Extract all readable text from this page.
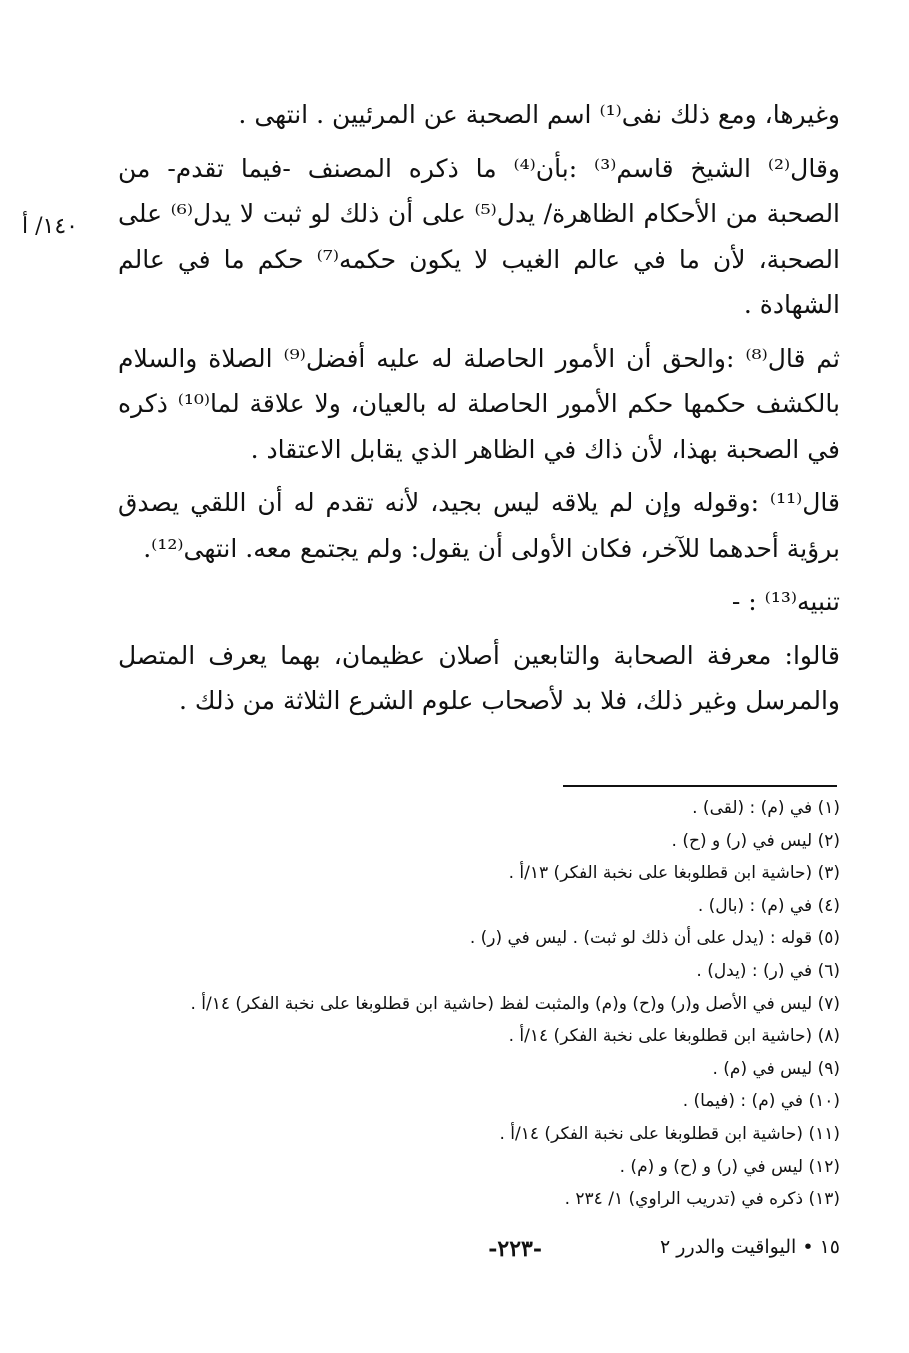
١٤٠/ أ

وغيرها، ومع ذلك نفى⁽¹⁾ اسم الصحبة عن المرئيين . انتهى .

وقال⁽²⁾ الشيخ قاسم⁽³⁾ :بأن⁽⁴⁾ ما ذكره المصنف -فيما تقدم- من الصحبة من الأحكام الظاهرة/ يدل⁽⁵⁾ على أن ذلك لو ثبت لا يدل⁽⁶⁾ على الصحبة، لأن ما في عالم الغيب لا يكون حكمه⁽⁷⁾ حكم ما في عالم الشهادة .

ثم قال⁽⁸⁾ :والحق أن الأمور الحاصلة له عليه أفضل⁽⁹⁾ الصلاة والسلام بالكشف حكمها حكم الأمور الحاصلة له بالعيان، ولا علاقة لما⁽¹⁰⁾ ذكره في الصحبة بهذا، لأن ذاك في الظاهر الذي يقابل الاعتقاد .

قال⁽¹¹⁾ :وقوله وإن لم يلاقه ليس بجيد، لأنه تقدم له أن اللقي يصدق برؤية أحدهما للآخر، فكان الأولى أن يقول: ولم يجتمع معه. انتهى⁽¹²⁾.

تنبيه⁽¹³⁾ : -

قالوا: معرفة الصحابة والتابعين أصلان عظيمان، بهما يعرف المتصل والمرسل وغير ذلك، فلا بد لأصحاب علوم الشرع الثلاثة من ذلك .

(١) في (م) : (لقى) .
(٢) ليس في (ر) و (ح) .
(٣) (حاشية ابن قطلوبغا على نخبة الفكر) ١٣/أ .
(٤) في (م) : (بال) .
(٥) قوله : (يدل على أن ذلك لو ثبت) . ليس في (ر) .
(٦) في (ر) : (يدل) .
(٧) ليس في الأصل و(ر) و(ح) و(م) والمثبت لفظ (حاشية ابن قطلوبغا على نخبة الفكر) ١٤/أ .
(٨) (حاشية ابن قطلوبغا على نخبة الفكر) ١٤/أ .
(٩) ليس في (م) .
(١٠) في (م) : (فيما) .
(١١) (حاشية ابن قطلوبغا على نخبة الفكر) ١٤/أ .
(١٢) ليس في (ر) و (ح) و (م) .
(١٣) ذكره في (تدريب الراوي) ١/ ٢٣٤ .
١٥ • اليواقيت والدرر ٢
-٢٢٣-
